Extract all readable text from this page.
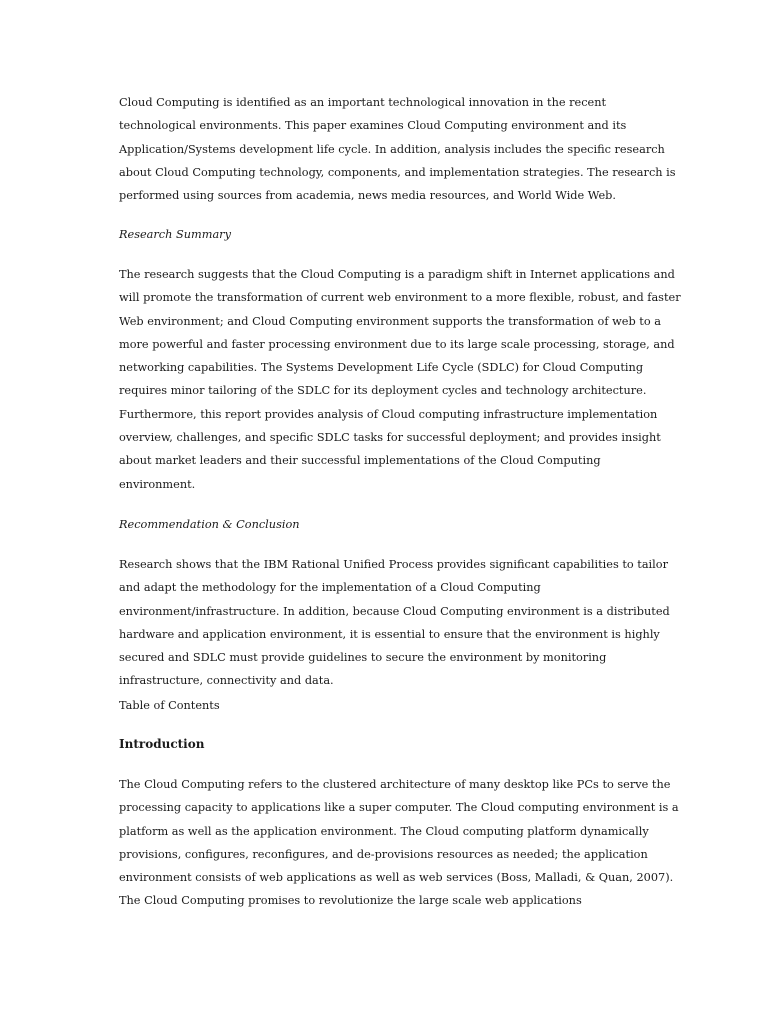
Cloud Computing is identified as an important technological innovation in the recent
technological environments. This paper examines Cloud Computing environment and its
Application/Systems development life cycle. In addition, analysis includes the specific research
about Cloud Computing technology, components, and implementation strategies. The research is
performed using sources from academia, news media resources, and World Wide Web.
Research Summary
The research suggests that the Cloud Computing is a paradigm shift in Internet applications and
will promote the transformation of current web environment to a more flexible, robust, and faster
Web environment; and Cloud Computing environment supports the transformation of web to a
more powerful and faster processing environment due to its large scale processing, storage, and
networking capabilities. The Systems Development Life Cycle (SDLC) for Cloud Computing
requires minor tailoring of the SDLC for its deployment cycles and technology architecture.
Furthermore, this report provides analysis of Cloud computing infrastructure implementation
overview, challenges, and specific SDLC tasks for successful deployment; and provides insight
about market leaders and their successful implementations of the Cloud Computing
environment.
Recommendation & Conclusion
Research shows that the IBM Rational Unified Process provides significant capabilities to tailor
and adapt the methodology for the implementation of a Cloud Computing
environment/infrastructure. In addition, because Cloud Computing environment is a distributed
hardware and application environment, it is essential to ensure that the environment is highly
secured and SDLC must provide guidelines to secure the environment by monitoring
infrastructure, connectivity and data.
Table of Contents
Introduction
The Cloud Computing refers to the clustered architecture of many desktop like PCs to serve the
processing capacity to applications like a super computer. The Cloud computing environment is a
platform as well as the application environment. The Cloud computing platform dynamically
provisions, configures, reconfigures, and de-provisions resources as needed; the application
environment consists of web applications as well as web services (Boss, Malladi, & Quan, 2007).
The Cloud Computing promises to revolutionize the large scale web applications
